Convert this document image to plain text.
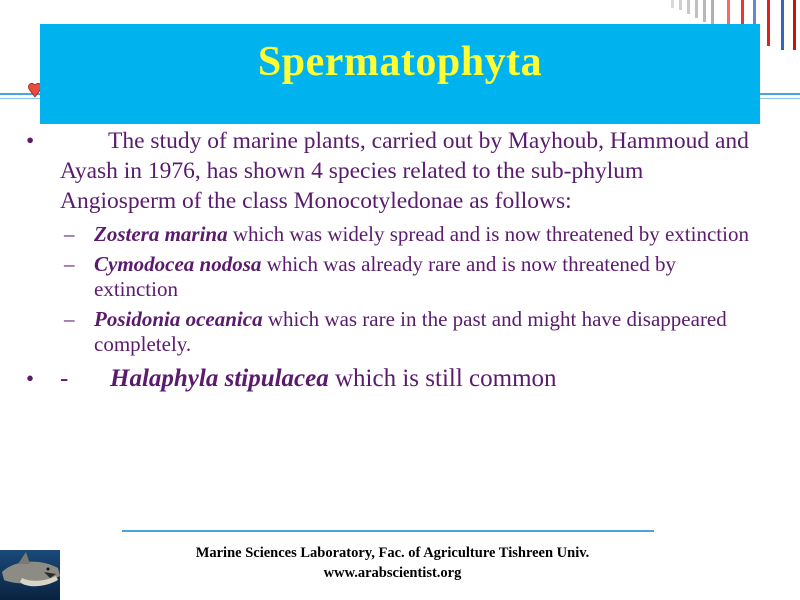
Spermatophyta
•	The study of marine plants, carried out by Mayhoub, Hammoud and Ayash in 1976, has shown 4 species related to the sub-phylum Angiosperm of the class Monocotyledonae as follows:
– Zostera marina which was widely spread and is now threatened by extinction
– Cymodocea nodosa which was already rare and is now threatened by extinction
– Posidonia oceanica which was rare in the past and might have disappeared completely.
• - Halaphyla stipulacea which is still common
Marine Sciences Laboratory, Fac. of Agriculture Tishreen Univ.
www.arabscientist.org
